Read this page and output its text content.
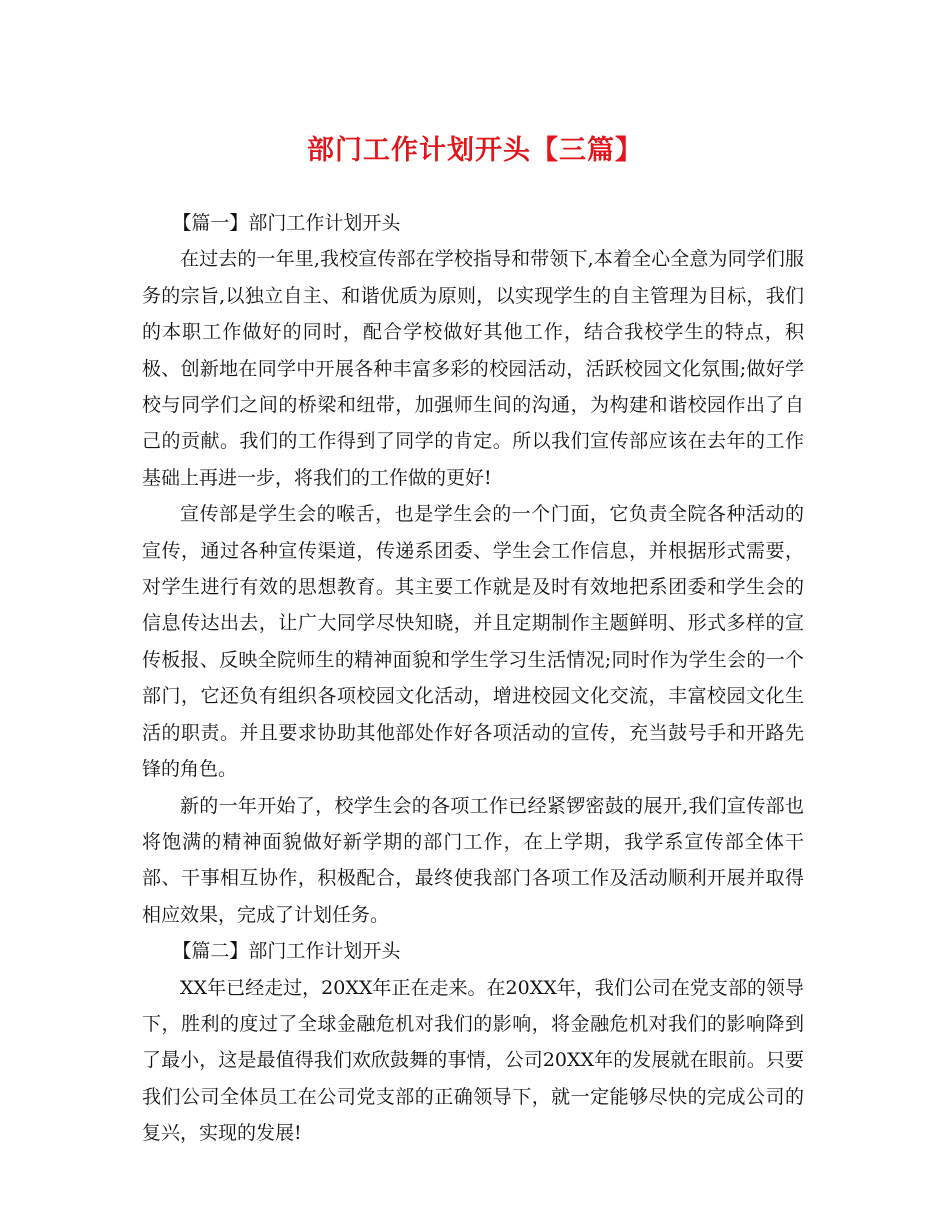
部门工作计划开头【三篇】

【篇一】部门工作计划开头

在过去的一年里,我校宣传部在学校指导和带领下,本着全心全意为同学们服务的宗旨,以独立自主、和谐优质为原则，以实现学生的自主管理为目标，我们的本职工作做好的同时，配合学校做好其他工作，结合我校学生的特点，积极、创新地在同学中开展各种丰富多彩的校园活动，活跃校园文化氛围;做好学校与同学们之间的桥梁和纽带，加强师生间的沟通，为构建和谐校园作出了自己的贡献。我们的工作得到了同学的肯定。所以我们宣传部应该在去年的工作基础上再进一步，将我们的工作做的更好!

宣传部是学生会的喉舌，也是学生会的一个门面，它负责全院各种活动的宣传，通过各种宣传渠道，传递系团委、学生会工作信息，并根据形式需要，对学生进行有效的思想教育。其主要工作就是及时有效地把系团委和学生会的信息传达出去，让广大同学尽快知晓，并且定期制作主题鲜明、形式多样的宣传板报、反映全院师生的精神面貌和学生学习生活情况;同时作为学生会的一个部门，它还负有组织各项校园文化活动，增进校园文化交流，丰富校园文化生活的职责。并且要求协助其他部处作好各项活动的宣传，充当鼓号手和开路先锋的角色。

新的一年开始了，校学生会的各项工作已经紧锣密鼓的展开,我们宣传部也将饱满的精神面貌做好新学期的部门工作，在上学期，我学系宣传部全体干部、干事相互协作，积极配合，最终使我部门各项工作及活动顺利开展并取得相应效果，完成了计划任务。

【篇二】部门工作计划开头

XX年已经走过，20XX年正在走来。在20XX年，我们公司在党支部的领导下，胜利的度过了全球金融危机对我们的影响，将金融危机对我们的影响降到了最小，这是最值得我们欢欣鼓舞的事情，公司20XX年的发展就在眼前。只要我们公司全体员工在公司党支部的正确领导下，就一定能够尽快的完成公司的复兴，实现的发展!
